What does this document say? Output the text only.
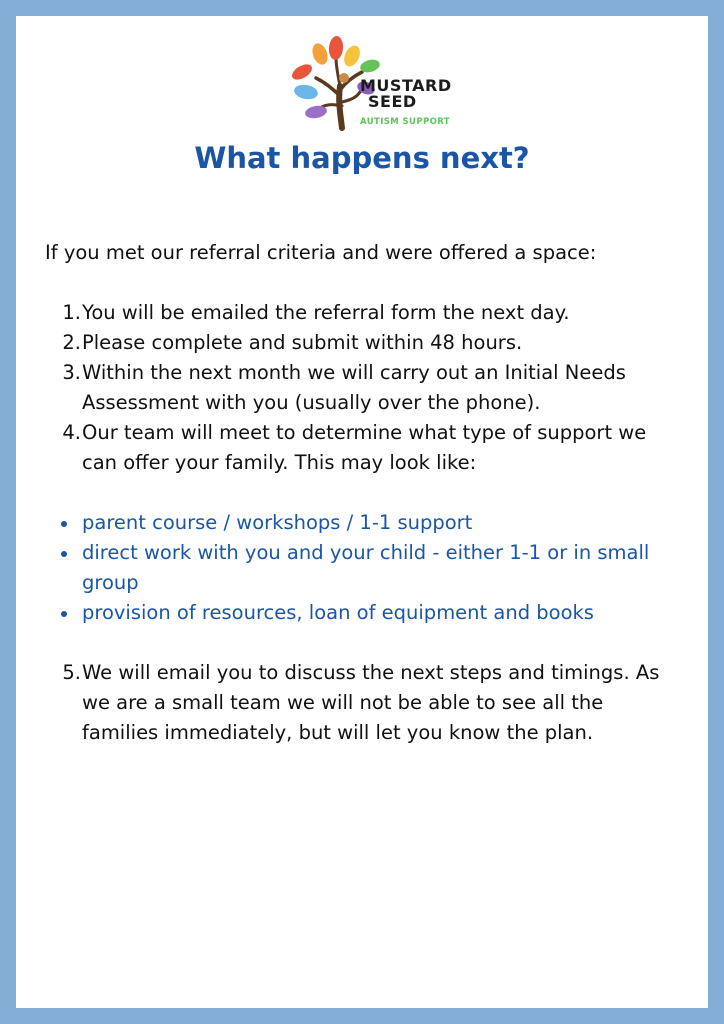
MUSTARD
SEED
AUTISM SUPPORT
What happens next?

If you met our referral criteria and were offered a space:

1. You will be emailed the referral form the next day.
2. Please complete and submit within 48 hours.
3. Within the next month we will carry out an Initial Needs Assessment with you (usually over the phone).
4. Our team will meet to determine what type of support we can offer your family. This may look like:
parent course / workshops / 1-1 support
direct work with you and your child - either 1-1 or in small group
provision of resources, loan of equipment and books
5. We will email you to discuss the next steps and timings. As we are a small team we will not be able to see all the families immediately, but will let you know the plan.
